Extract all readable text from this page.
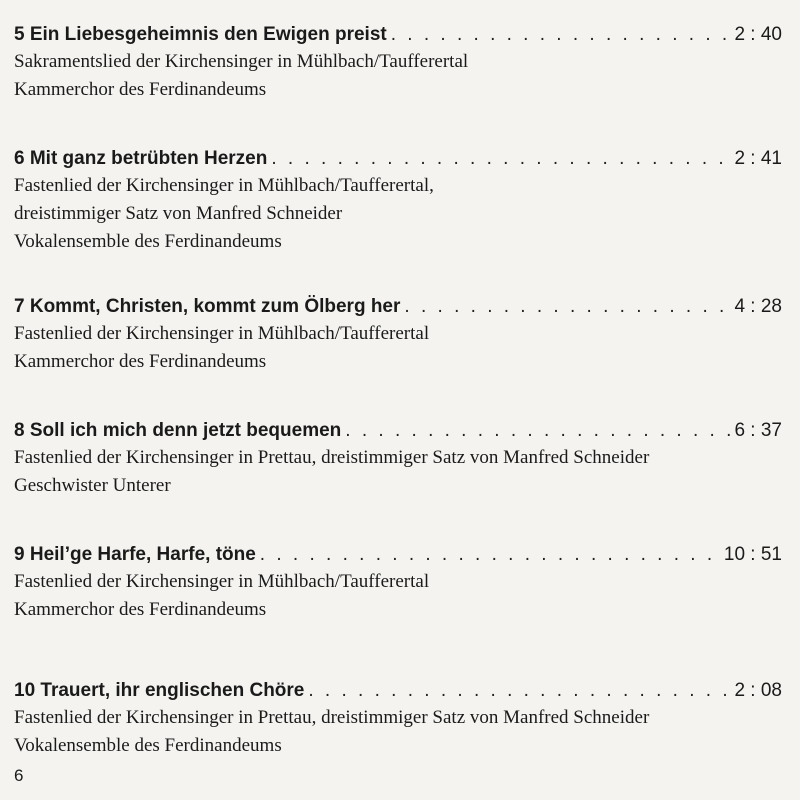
5 Ein Liebesgeheimnis den Ewigen preist . . .	2 : 40
Sakramentslied der Kirchensinger in Mühlbach/Taufferertal
Kammerchor des Ferdinandeums
6 Mit ganz betrübten Herzen . . .	2 : 41
Fastenlied der Kirchensinger in Mühlbach/Taufferertal,
dreistimmiger Satz von Manfred Schneider
Vokalensemble des Ferdinandeums
7 Kommt, Christen, kommt zum Ölberg her . . .	4 : 28
Fastenlied der Kirchensinger in Mühlbach/Taufferertal
Kammerchor des Ferdinandeums
8 Soll ich mich denn jetzt bequemen . . .	6 : 37
Fastenlied der Kirchensinger in Prettau, dreistimmiger Satz von Manfred Schneider
Geschwister Unterer
9 Heil’ge Harfe, Harfe, töne . . .	10 : 51
Fastenlied der Kirchensinger in Mühlbach/Taufferertal
Kammerchor des Ferdinandeums
10 Trauert, ihr englischen Chöre . . .	2 : 08
Fastenlied der Kirchensinger in Prettau, dreistimmiger Satz von Manfred Schneider
Vokalensemble des Ferdinandeums
6
